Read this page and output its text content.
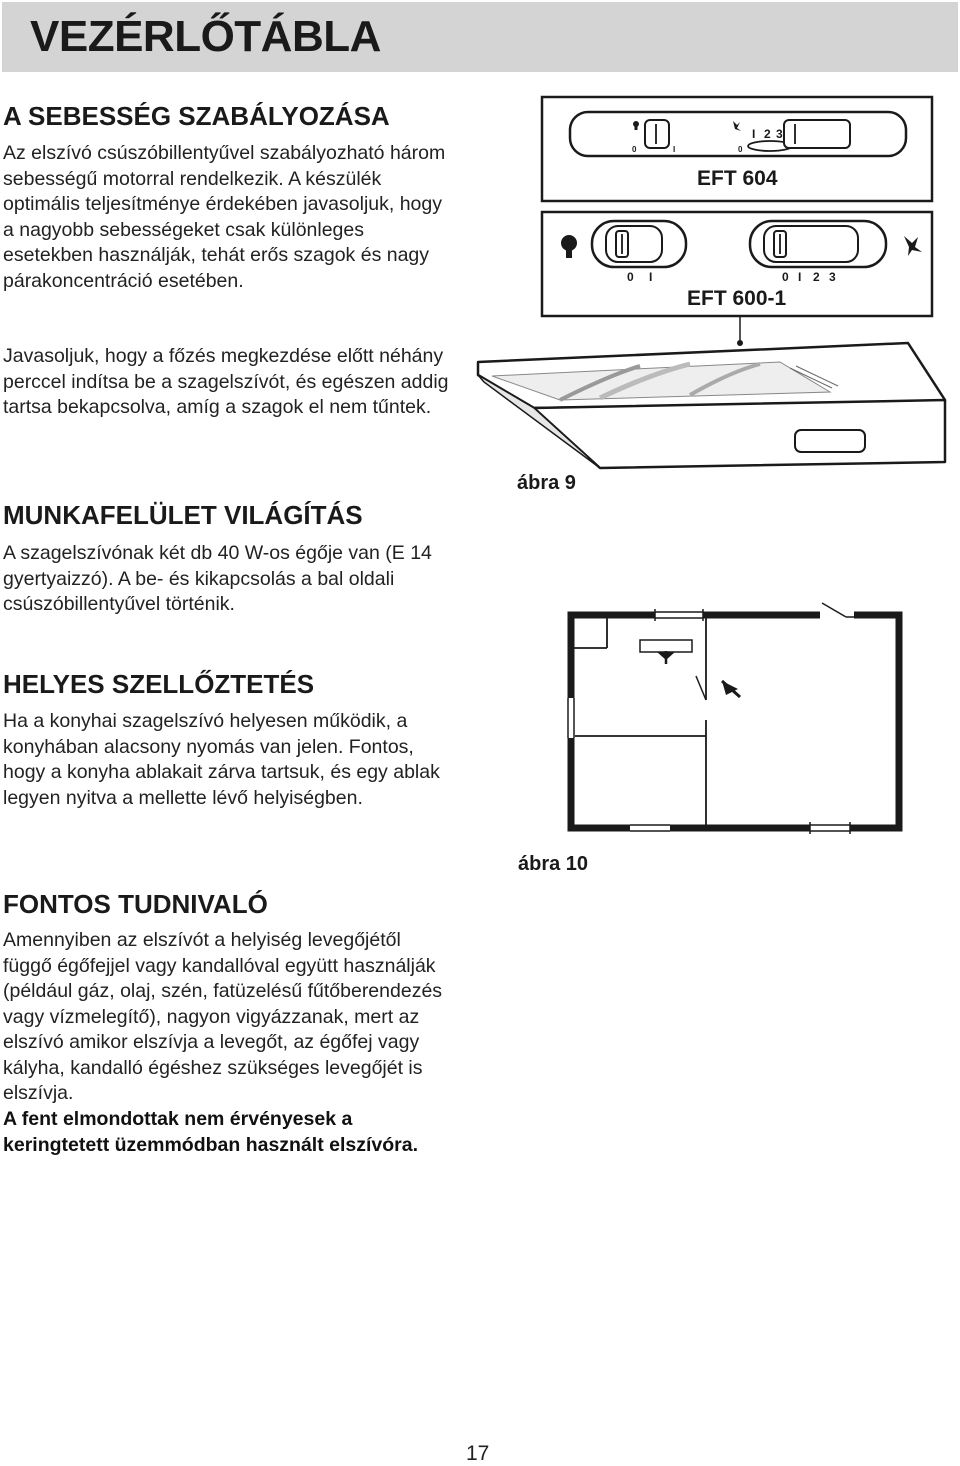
VEZÉRLŐTÁBLA
A SEBESSÉG SZABÁLYOZÁSA

Az elszívó csúszóbillentyűvel szabályozható három sebességű motorral rendelkezik. A készülék optimális teljesítménye érdekében javasoljuk, hogy a nagyobb sebességeket csak különleges esetekben használják, tehát erős szagok és nagy párakoncentráció esetében.

Javasoljuk, hogy a főzés megkezdése előtt néhány perccel indítsa be a szagelszívót, és egészen addig tartsa bekapcsolva, amíg a szagok el nem tűntek.

MUNKAFELÜLET VILÁGÍTÁS

A szagelszívónak két db 40 W-os égője van (E 14 gyertyaizzó). A be- és kikapcsolás a bal oldali csúszóbillentyűvel történik.

HELYES SZELLŐZTETÉS

Ha a konyhai szagelszívó helyesen működik, a konyhában alacsony nyomás van jelen. Fontos, hogy a konyha ablakait zárva tartsuk, és egy ablak legyen nyitva a mellette lévő helyiségben.

FONTOS TUDNIVALÓ

Amennyiben az elszívót a helyiség levegőjétől függő égőfejjel vagy kandallóval együtt használják (például gáz, olaj, szén, fatüzelésű fűtőberendezés vagy vízmelegítő), nagyon vigyázzanak, mert az elszívó amikor elszívja a levegőt, az égőfej vagy kályha, kandalló égéshez szükséges levegőjét is elszívja.

A fent elmondottak nem érvényesek a keringtetett üzemmódban használt elszívóra.

0	I
I 2 3
0
0 I	0 I 2 3
EFT 604
EFT 600-1
ábra 9
ábra 10
17
